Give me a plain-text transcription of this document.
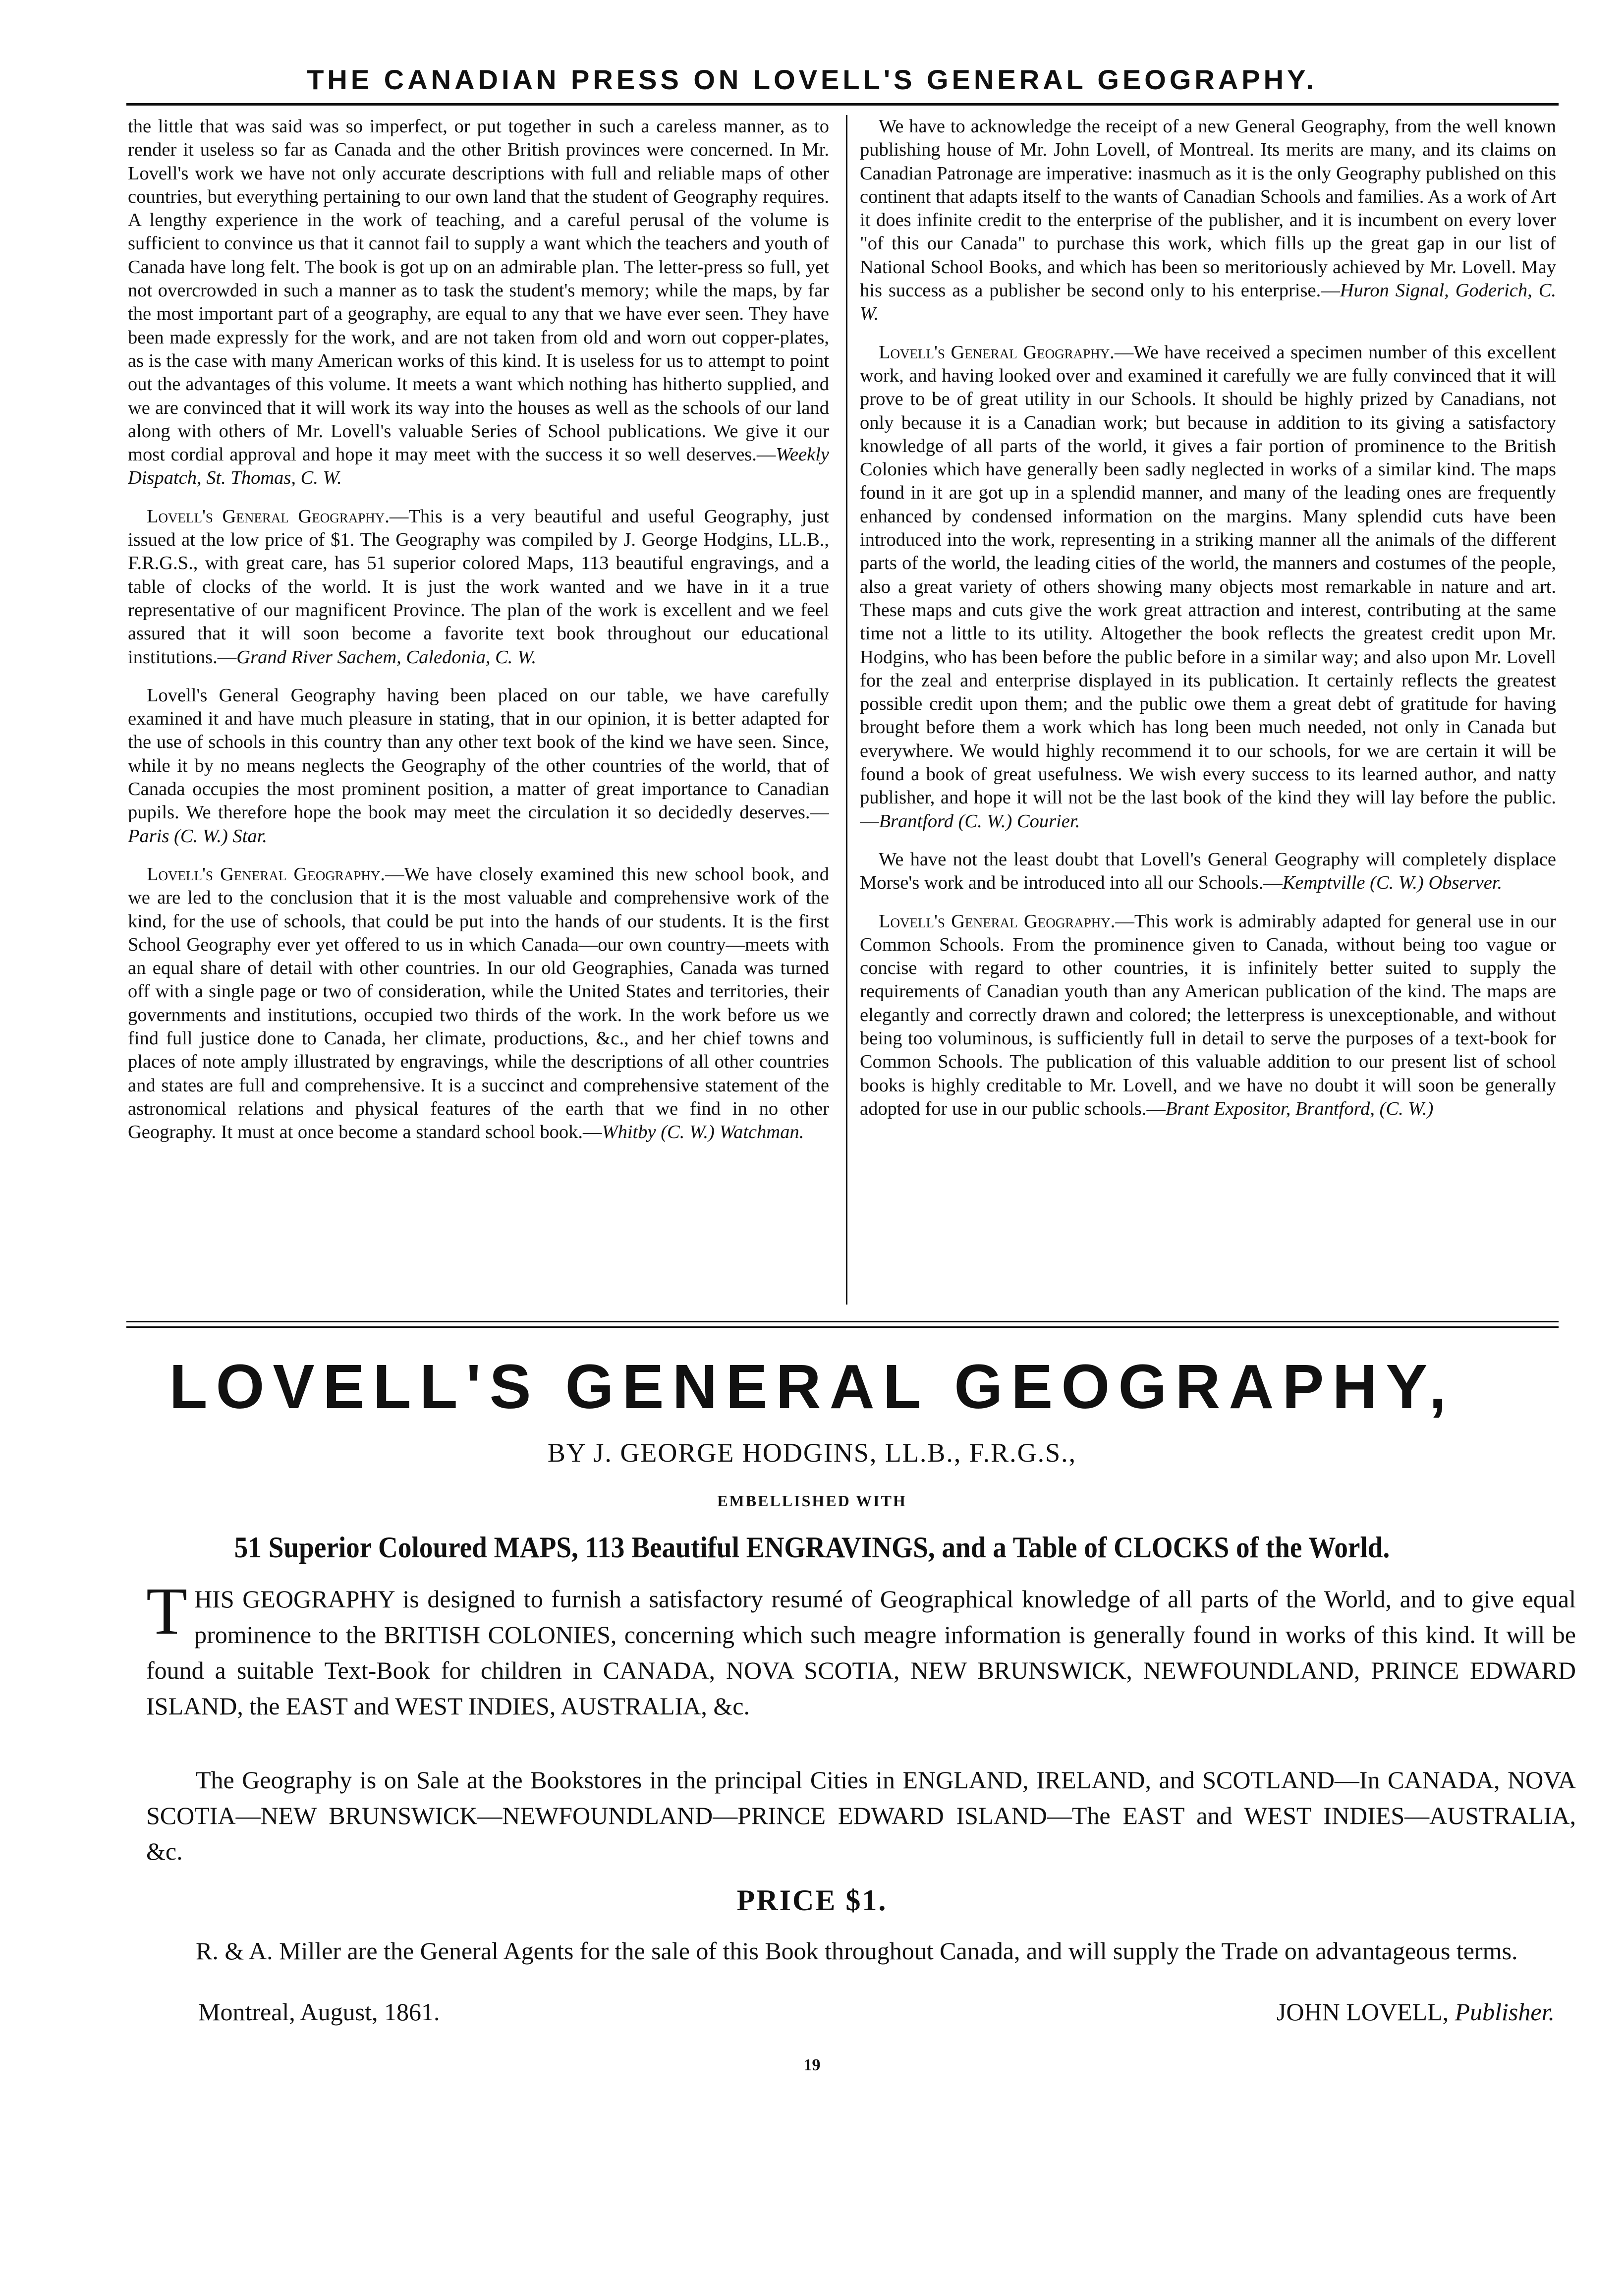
THE CANADIAN PRESS ON LOVELL'S GENERAL GEOGRAPHY.

the little that was said was so imperfect, or put together in such a careless manner, as to render it useless so far as Canada and the other British provinces were concerned. In Mr. Lovell's work we have not only accurate descriptions with full and reliable maps of other countries, but everything pertaining to our own land that the student of Geography requires. A lengthy experience in the work of teaching, and a careful perusal of the volume is sufficient to convince us that it cannot fail to supply a want which the teachers and youth of Canada have long felt. The book is got up on an admirable plan. The letter-press so full, yet not overcrowded in such a manner as to task the student's memory; while the maps, by far the most important part of a geography, are equal to any that we have ever seen. They have been made expressly for the work, and are not taken from old and worn out copper-plates, as is the case with many American works of this kind. It is useless for us to attempt to point out the advantages of this volume. It meets a want which nothing has hitherto supplied, and we are convinced that it will work its way into the houses as well as the schools of our land along with others of Mr. Lovell's valuable Series of School publications. We give it our most cordial approval and hope it may meet with the success it so well deserves.—Weekly Dispatch, St. Thomas, C. W.

Lovell's General Geography.—This is a very beautiful and useful Geography, just issued at the low price of $1. The Geography was compiled by J. George Hodgins, LL.B., F.R.G.S., with great care, has 51 superior colored Maps, 113 beautiful engravings, and a table of clocks of the world. It is just the work wanted and we have in it a true representative of our magnificent Province. The plan of the work is excellent and we feel assured that it will soon become a favorite text book throughout our educational institutions.—Grand River Sachem, Caledonia, C. W.

Lovell's General Geography having been placed on our table, we have carefully examined it and have much pleasure in stating, that in our opinion, it is better adapted for the use of schools in this country than any other text book of the kind we have seen. Since, while it by no means neglects the Geography of the other countries of the world, that of Canada occupies the most prominent position, a matter of great importance to Canadian pupils. We therefore hope the book may meet the circulation it so decidedly deserves.—Paris (C. W.) Star.

Lovell's General Geography.—We have closely examined this new school book, and we are led to the conclusion that it is the most valuable and comprehensive work of the kind, for the use of schools, that could be put into the hands of our students. It is the first School Geography ever yet offered to us in which Canada—our own country—meets with an equal share of detail with other countries. In our old Geographies, Canada was turned off with a single page or two of consideration, while the United States and territories, their governments and institutions, occupied two thirds of the work. In the work before us we find full justice done to Canada, her climate, productions, &c., and her chief towns and places of note amply illustrated by engravings, while the descriptions of all other countries and states are full and comprehensive. It is a succinct and comprehensive statement of the astronomical relations and physical features of the earth that we find in no other Geography. It must at once become a standard school book.—Whitby (C. W.) Watchman.

We have to acknowledge the receipt of a new General Geography, from the well known publishing house of Mr. John Lovell, of Montreal. Its merits are many, and its claims on Canadian Patronage are imperative: inasmuch as it is the only Geography published on this continent that adapts itself to the wants of Canadian Schools and families. As a work of Art it does infinite credit to the enterprise of the publisher, and it is incumbent on every lover "of this our Canada" to purchase this work, which fills up the great gap in our list of National School Books, and which has been so meritoriously achieved by Mr. Lovell. May his success as a publisher be second only to his enterprise.—Huron Signal, Goderich, C. W.

Lovell's General Geography.—We have received a specimen number of this excellent work, and having looked over and examined it carefully we are fully convinced that it will prove to be of great utility in our Schools. It should be highly prized by Canadians, not only because it is a Canadian work; but because in addition to its giving a satisfactory knowledge of all parts of the world, it gives a fair portion of prominence to the British Colonies which have generally been sadly neglected in works of a similar kind. The maps found in it are got up in a splendid manner, and many of the leading ones are frequently enhanced by condensed information on the margins. Many splendid cuts have been introduced into the work, representing in a striking manner all the animals of the different parts of the world, the leading cities of the world, the manners and costumes of the people, also a great variety of others showing many objects most remarkable in nature and art. These maps and cuts give the work great attraction and interest, contributing at the same time not a little to its utility. Altogether the book reflects the greatest credit upon Mr. Hodgins, who has been before the public before in a similar way; and also upon Mr. Lovell for the zeal and enterprise displayed in its publication. It certainly reflects the greatest possible credit upon them; and the public owe them a great debt of gratitude for having brought before them a work which has long been much needed, not only in Canada but everywhere. We would highly recommend it to our schools, for we are certain it will be found a book of great usefulness. We wish every success to its learned author, and natty publisher, and hope it will not be the last book of the kind they will lay before the public.—Brantford (C. W.) Courier.

We have not the least doubt that Lovell's General Geography will completely displace Morse's work and be introduced into all our Schools.—Kemptville (C. W.) Observer.

Lovell's General Geography.—This work is admirably adapted for general use in our Common Schools. From the prominence given to Canada, without being too vague or concise with regard to other countries, it is infinitely better suited to supply the requirements of Canadian youth than any American publication of the kind. The maps are elegantly and correctly drawn and colored; the letterpress is unexceptionable, and without being too voluminous, is sufficiently full in detail to serve the purposes of a text-book for Common Schools. The publication of this valuable addition to our present list of school books is highly creditable to Mr. Lovell, and we have no doubt it will soon be generally adopted for use in our public schools.—Brant Expositor, Brantford, (C. W.)

LOVELL'S GENERAL GEOGRAPHY,
BY J. GEORGE HODGINS, LL.B., F.R.G.S.,
EMBELLISHED WITH
51 Superior Coloured MAPS, 113 Beautiful ENGRAVINGS, and a Table of CLOCKS of the World.

T HIS GEOGRAPHY is designed to furnish a satisfactory resumé of Geographical knowledge of all parts of the World, and to give equal prominence to the BRITISH COLONIES, concerning which such meagre information is generally found in works of this kind. It will be found a suitable Text-Book for children in CANADA, NOVA SCOTIA, NEW BRUNSWICK, NEWFOUNDLAND, PRINCE EDWARD ISLAND, the EAST and WEST INDIES, AUSTRALIA, &c.

The Geography is on Sale at the Bookstores in the principal Cities in ENGLAND, IRELAND, and SCOTLAND—In CANADA, NOVA SCOTIA—NEW BRUNSWICK—NEWFOUNDLAND—PRINCE EDWARD ISLAND—The EAST and WEST INDIES—AUSTRALIA, &c.

PRICE $1.

R. & A. Miller are the General Agents for the sale of this Book throughout Canada, and will supply the Trade on advantageous terms.

Montreal, August, 1861.	JOHN LOVELL, Publisher.
19
